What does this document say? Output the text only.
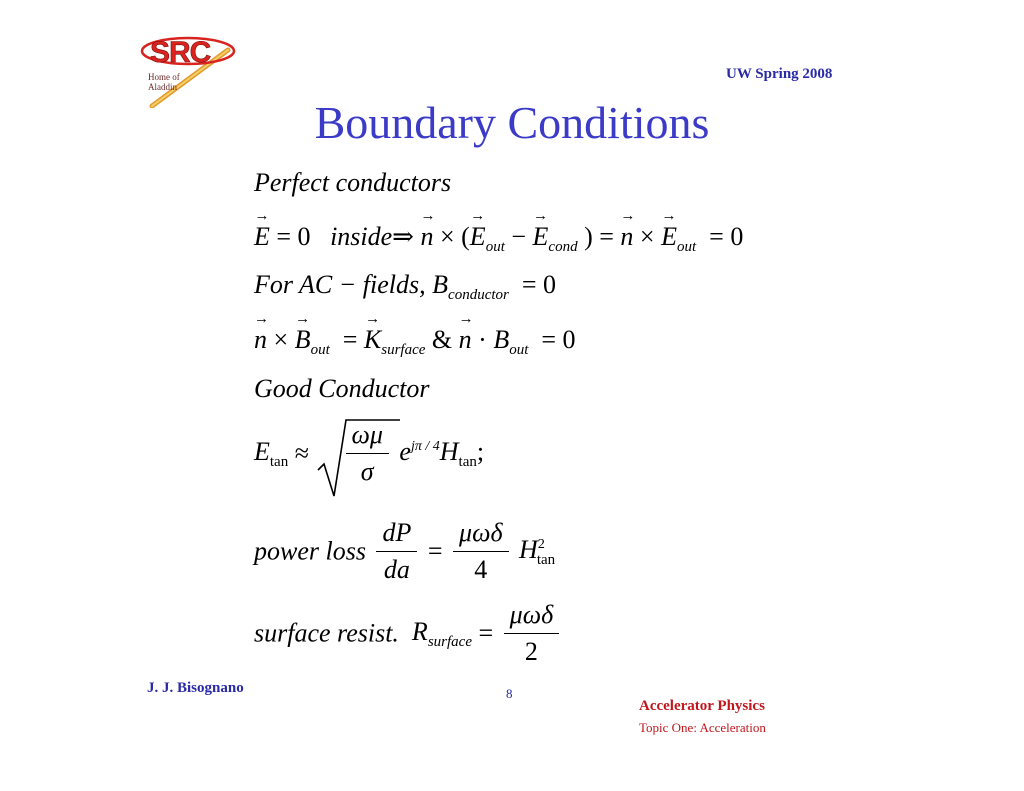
SRC
Home of
Aladdin
UW Spring 2008
Boundary Conditions
Perfect conductors
→ E = 0   inside⇒ → n × (→ $E_{out}$ − → $E_{cond}$ ) = → n × → $E_{out} = 0$
For AC − fields, $B_{conductor} = 0$
→ n × → $B_{out}$  = → $K_{surface}$ & → $n \cdot B_{out} = 0$
Good Conductor
$E_{tan} \approx \frac{\omega\mu}{\sigma} e^{j\pi / 4}H_{tan}$;
power loss $\frac{dP}{da} = \frac{\text{μωδ}}{4} H^2_{tan}$
surface resist.  $R_{surface} = \frac{\text{μωδ}}{2}$
J. J. Bisognano	8
Accelerator Physics
Topic One: Acceleration
